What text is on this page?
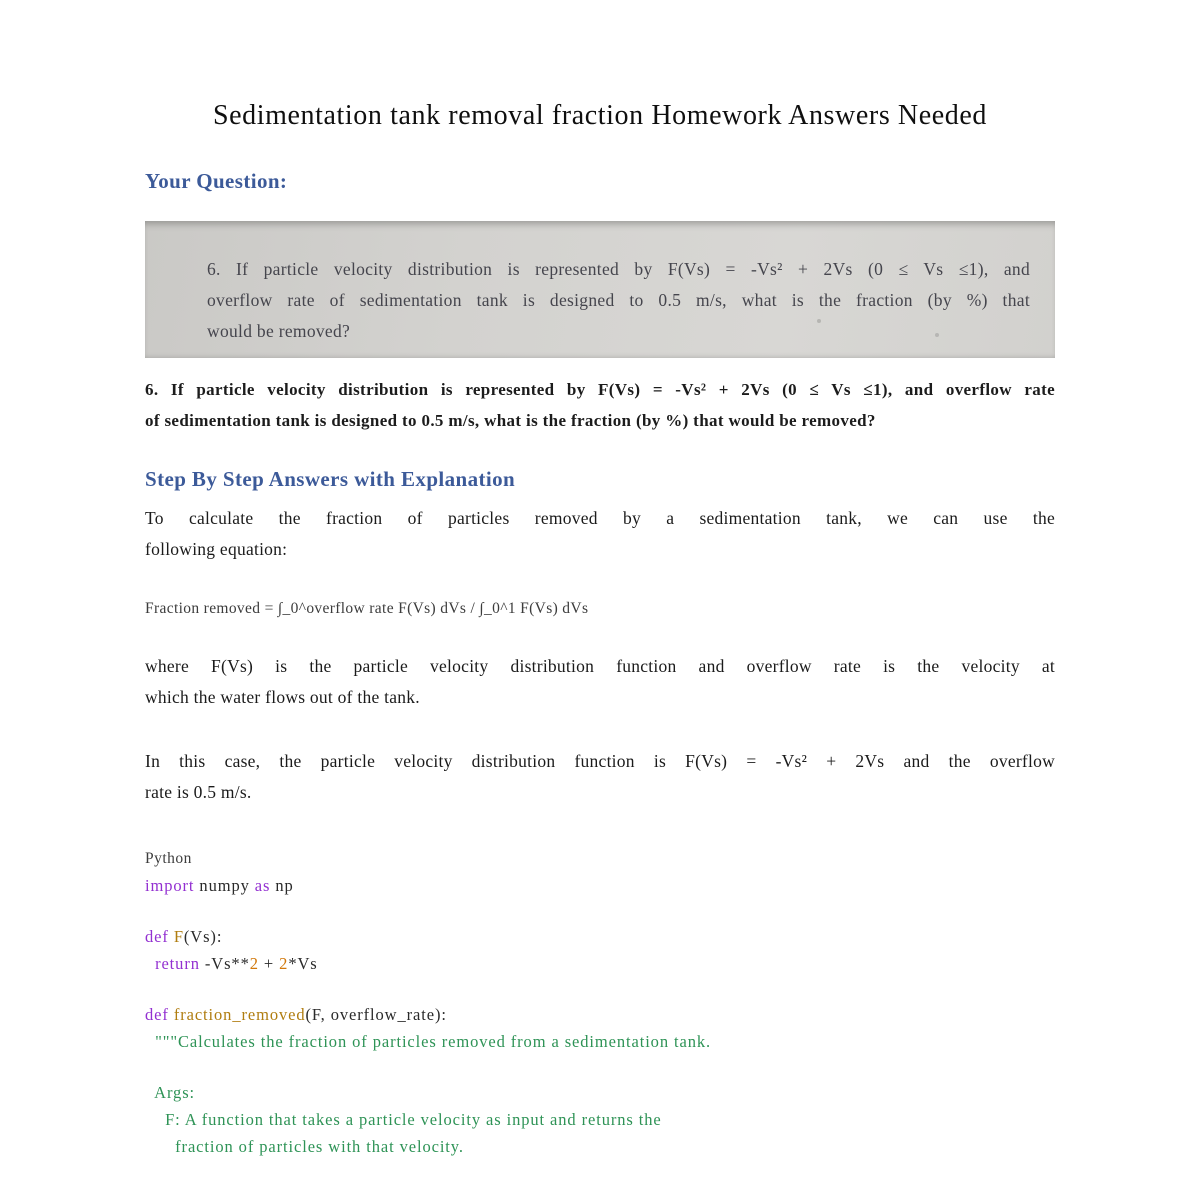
Sedimentation tank removal fraction Homework Answers Needed
Your Question:
6. If particle velocity distribution is represented by F(Vs) = -Vs² + 2Vs (0 ≤ Vs ≤1), and
overflow rate of sedimentation tank is designed to 0.5 m/s, what is the fraction (by %) that
would be removed?
6. If particle velocity distribution is represented by F(Vs) = -Vs² + 2Vs (0 ≤ Vs ≤1), and overflow rate
of sedimentation tank is designed to 0.5 m/s, what is the fraction (by %) that would be removed?
Step By Step Answers with Explanation
To calculate the fraction of particles removed by a sedimentation tank, we can use the
following equation:
Fraction removed = ∫_0^overflow rate F(Vs) dVs / ∫_0^1 F(Vs) dVs
where F(Vs) is the particle velocity distribution function and overflow rate is the velocity at
which the water flows out of the tank.
In this case, the particle velocity distribution function is F(Vs) = -Vs² + 2Vs and the overflow
rate is 0.5 m/s.
Python
import numpy as np
def F(Vs):
return -Vs**2 + 2*Vs
def fraction_removed(F, overflow_rate):
"""Calculates the fraction of particles removed from a sedimentation tank.
Args:
F: A function that takes a particle velocity as input and returns the
fraction of particles with that velocity.
